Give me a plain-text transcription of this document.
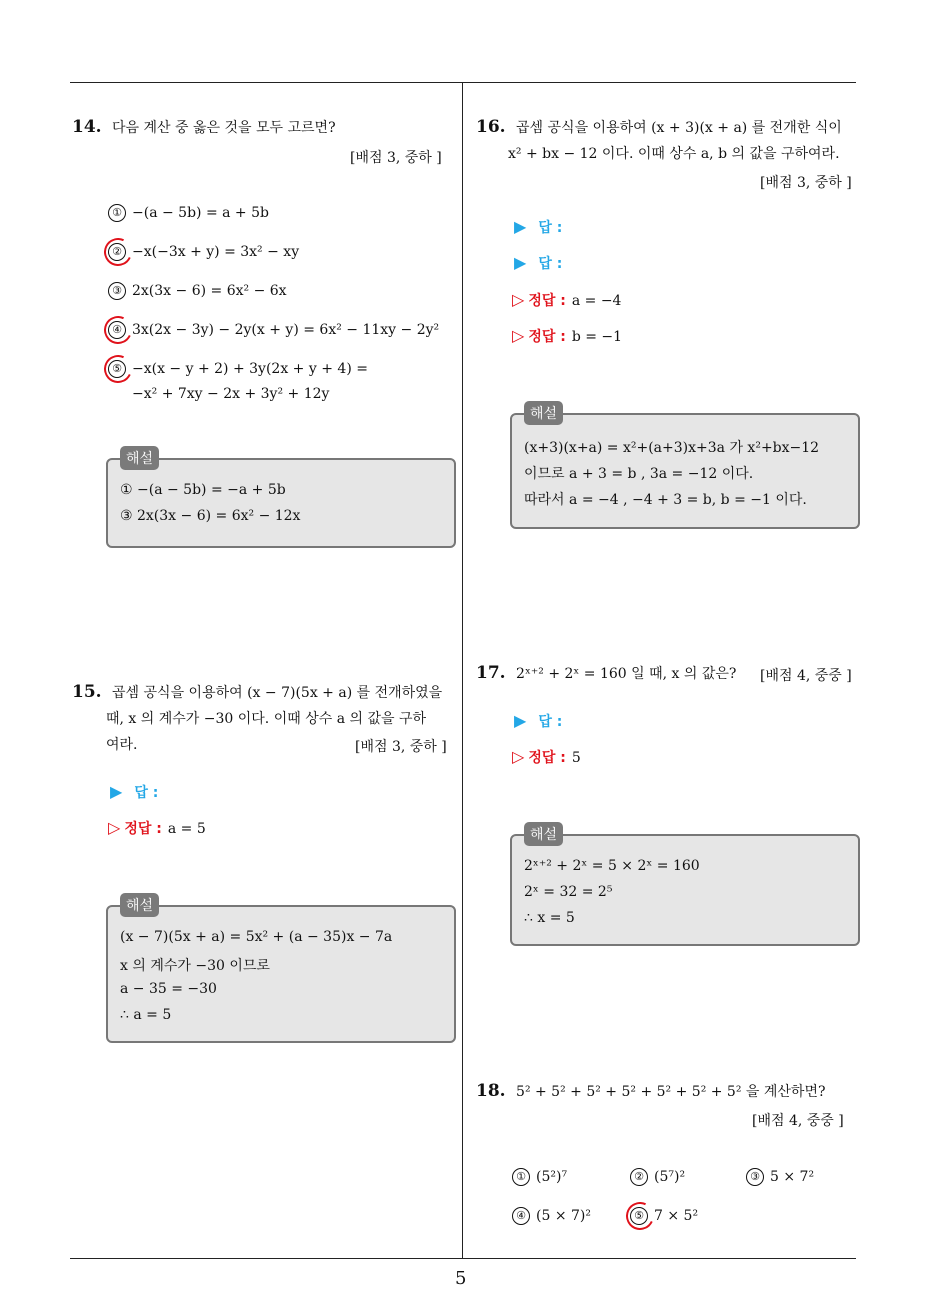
14. 다음 계산 중 옳은 것을 모두 고르면?
[배점 3, 중하 ]
① −(a − 5b) = a + 5b
② −x(−3x + y) = 3x² − xy
③ 2x(3x − 6) = 6x² − 6x
④ 3x(2x − 3y) − 2y(x + y) = 6x² − 11xy − 2y²
⑤ −x(x − y + 2) + 3y(2x + y + 4) =
−x² + 7xy − 2x + 3y² + 12y
① −(a − 5b) = −a + 5b
③ 2x(3x − 6) = 6x² − 12x
해설
15. 곱셈 공식을 이용하여 (x − 7)(5x + a) 를 전개하였을
때, x 의 계수가 −30 이다. 이때 상수 a 의 값을 구하
여라.	[배점 3, 중하 ]
▶ 답 :
▷ 정답 : a = 5
(x − 7)(5x + a) = 5x² + (a − 35)x − 7a
x 의 계수가 −30 이므로
a − 35 = −30
∴ a = 5
해설
16. 곱셈 공식을 이용하여 (x + 3)(x + a) 를 전개한 식이
x² + bx − 12 이다. 이때 상수 a, b 의 값을 구하여라.
[배점 3, 중하 ]
▶ 답 :
▶ 답 :
▷ 정답 : a = −4
▷ 정답 : b = −1
(x+3)(x+a) = x²+(a+3)x+3a 가 x²+bx−12
이므로 a + 3 = b , 3a = −12 이다.
따라서 a = −4 , −4 + 3 = b, b = −1 이다.
해설
17. 2ˣ⁺² + 2ˣ = 160 일 때, x 의 값은? [배점 4, 중중 ]
▶ 답 :
▷ 정답 : 5
2ˣ⁺² + 2ˣ = 5 × 2ˣ = 160
2ˣ = 32 = 2⁵
∴ x = 5
해설
18. 5² + 5² + 5² + 5² + 5² + 5² + 5² 을 계산하면?
[배점 4, 중중 ]
① (5²)⁷	② (5⁷)²	③ 5 × 7²
④ (5 × 7)²	⑤ 7 × 5²
5
